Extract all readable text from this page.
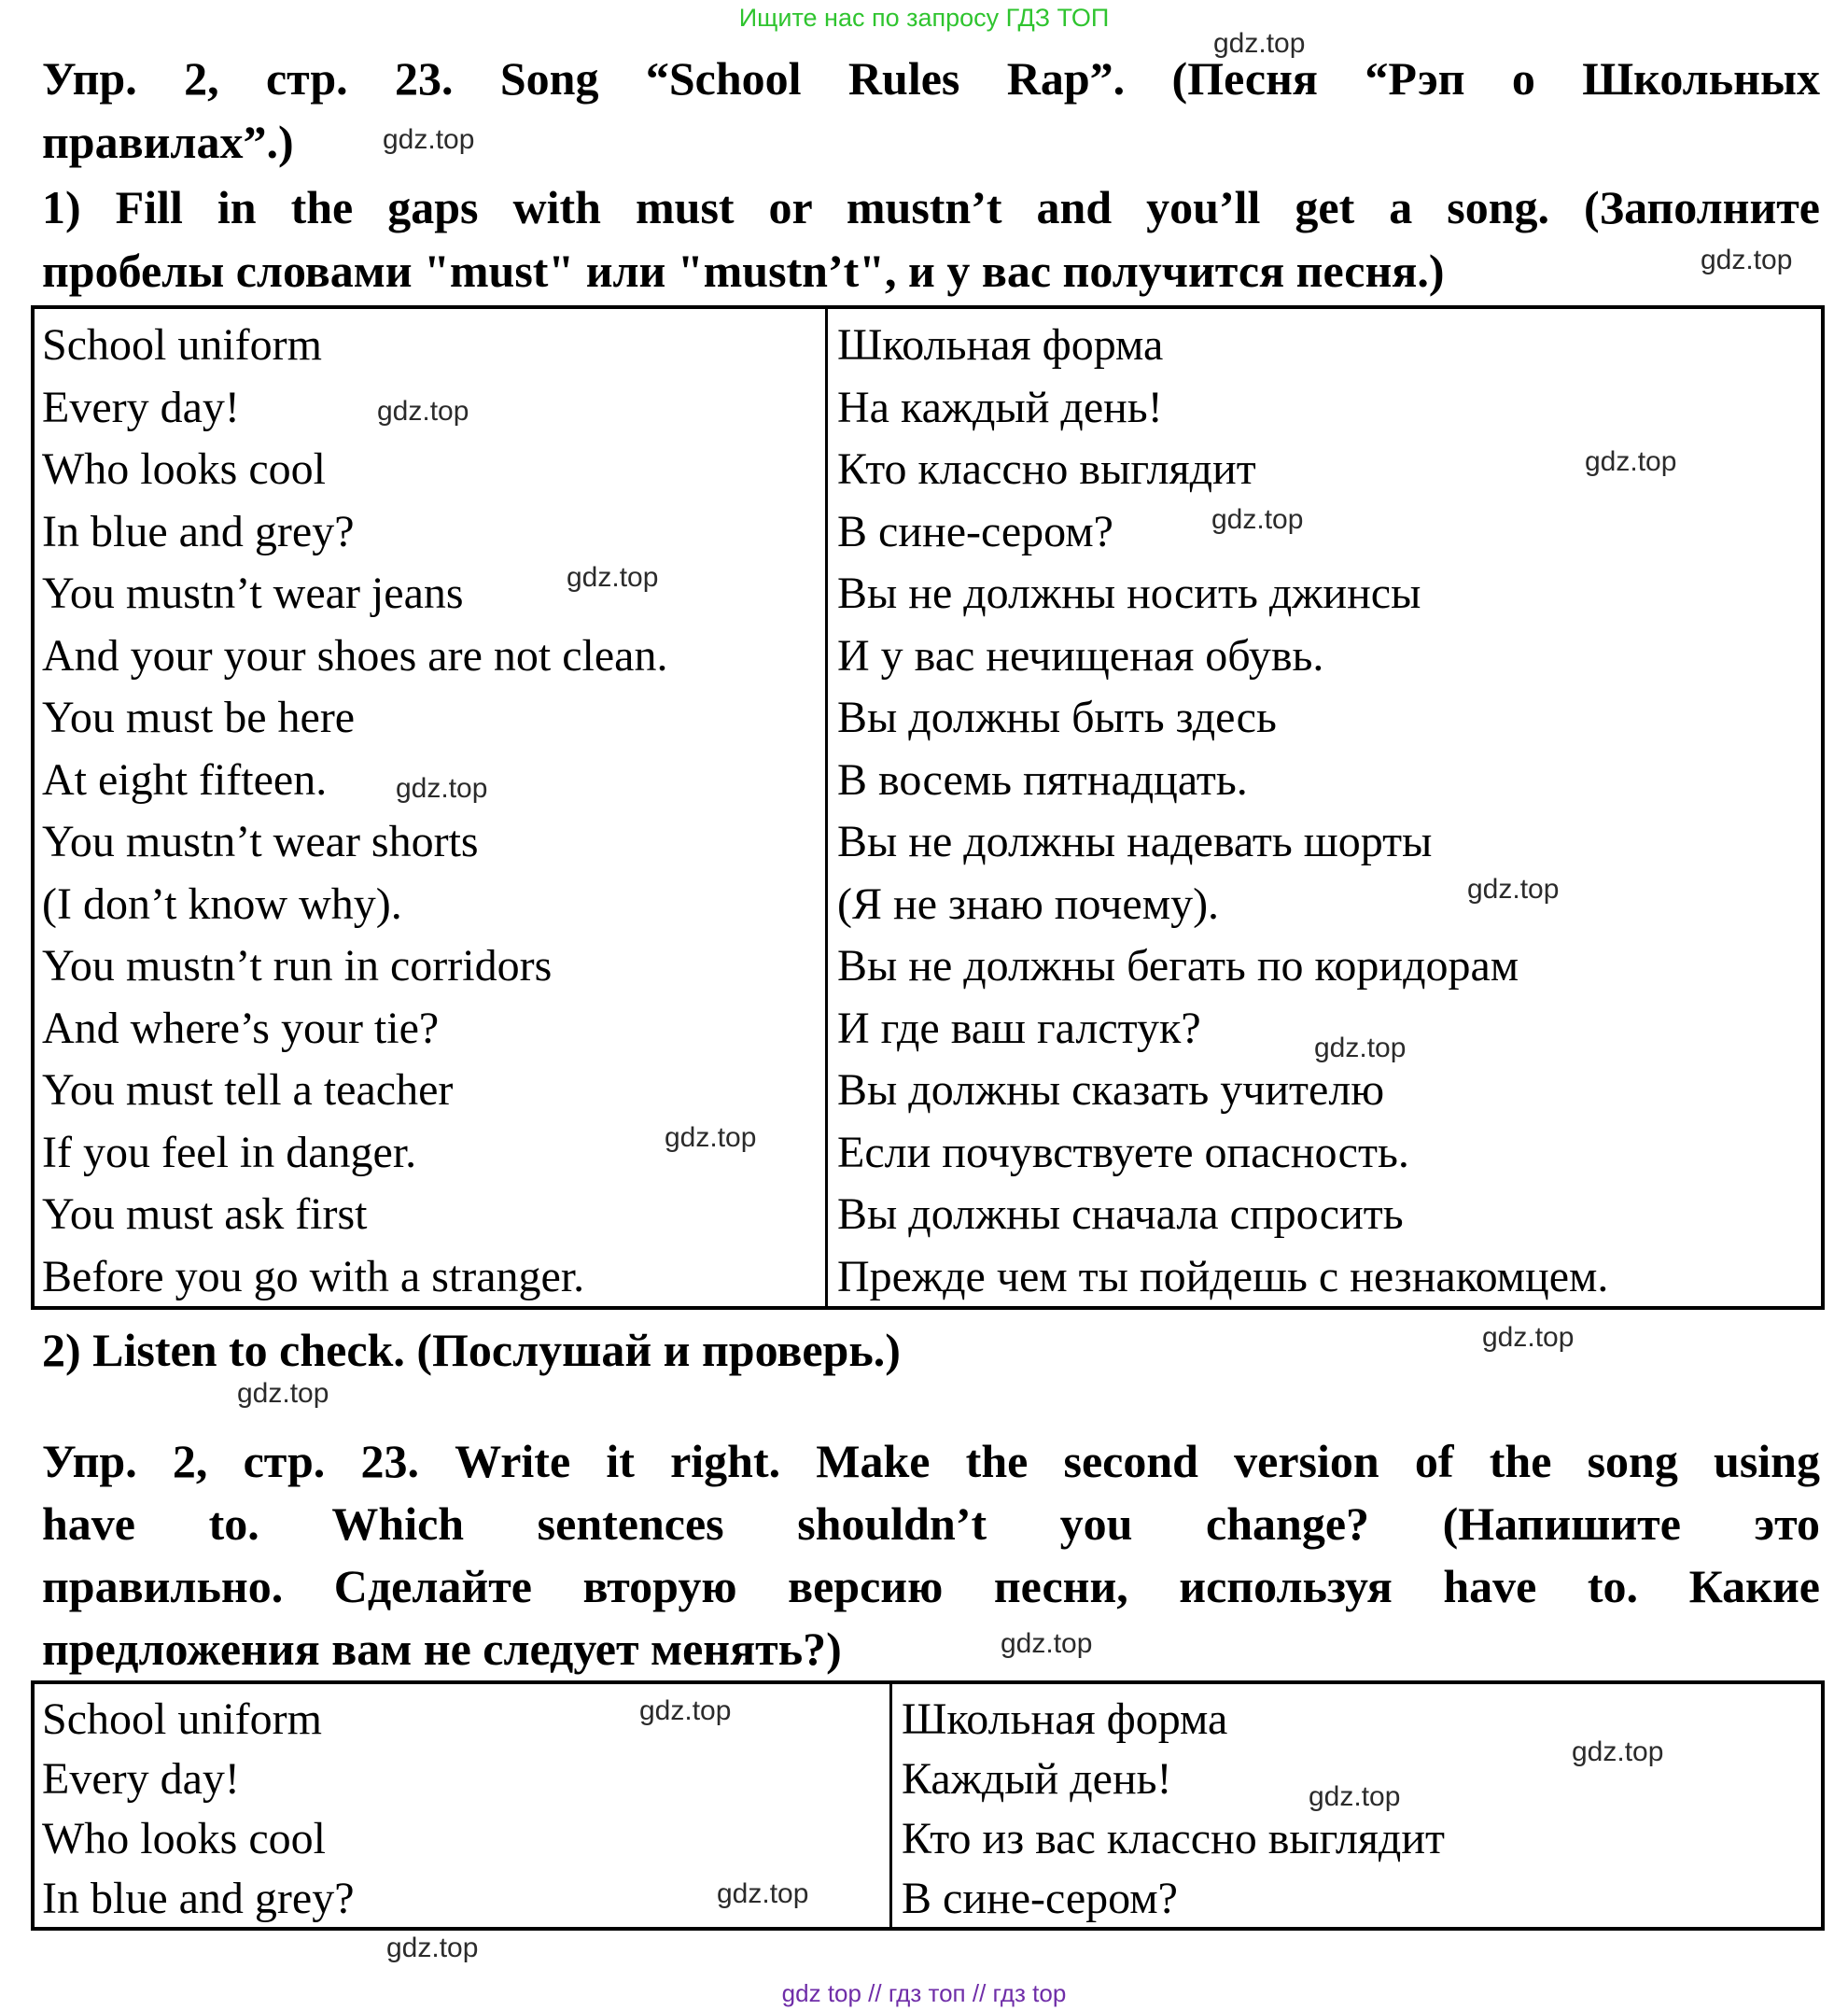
Ищите нас по запросу ГДЗ ТОП
Упр. 2, стр. 23. Song “School Rules Rap”. (Песня “Рэп о Школьных
правилах”.)
1) Fill in the gaps with must or mustn’t and you’ll get a song. (Заполните
пробелы словами "must" или "mustn’t", и у вас получится песня.)
School uniform
Every day!
Who looks cool
In blue and grey?
You mustn’t wear jeans
And your your shoes are not clean.
You must be here
At eight fifteen.
You mustn’t wear shorts
(I don’t know why).
You mustn’t run in corridors
And where’s your tie?
You must tell a teacher
If you feel in danger.
You must ask first
Before you go with a stranger.
Школьная форма
На каждый день!
Кто классно выглядит
В сине-сером?
Вы не должны носить джинсы
И у вас нечищеная обувь.
Вы должны быть здесь
В восемь пятнадцать.
Вы не должны надевать шорты
(Я не знаю почему).
Вы не должны бегать по коридорам
И где ваш галстук?
Вы должны сказать учителю
Если почувствуете опасность.
Вы должны сначала спросить
Прежде чем ты пойдешь с незнакомцем.
2) Listen to check. (Послушай и проверь.)
Упр. 2, стр. 23. Write it right. Make the second version of the song using
have to. Which sentences shouldn’t you change? (Напишите это
правильно. Сделайте вторую версию песни, используя have to. Какие
предложения вам не следует менять?)
School uniform
Every day!
Who looks cool
In blue and grey?
Школьная форма
Каждый день!
Кто из вас классно выглядит
В сине-сером?
gdz.top
gdz.top
gdz.top
gdz.top
gdz.top
gdz.top
gdz.top
gdz.top
gdz.top
gdz.top
gdz.top
gdz.top
gdz.top
gdz.top
gdz.top
gdz.top
gdz.top
gdz.top
gdz.top
gdz top // гдз топ // гдз top
